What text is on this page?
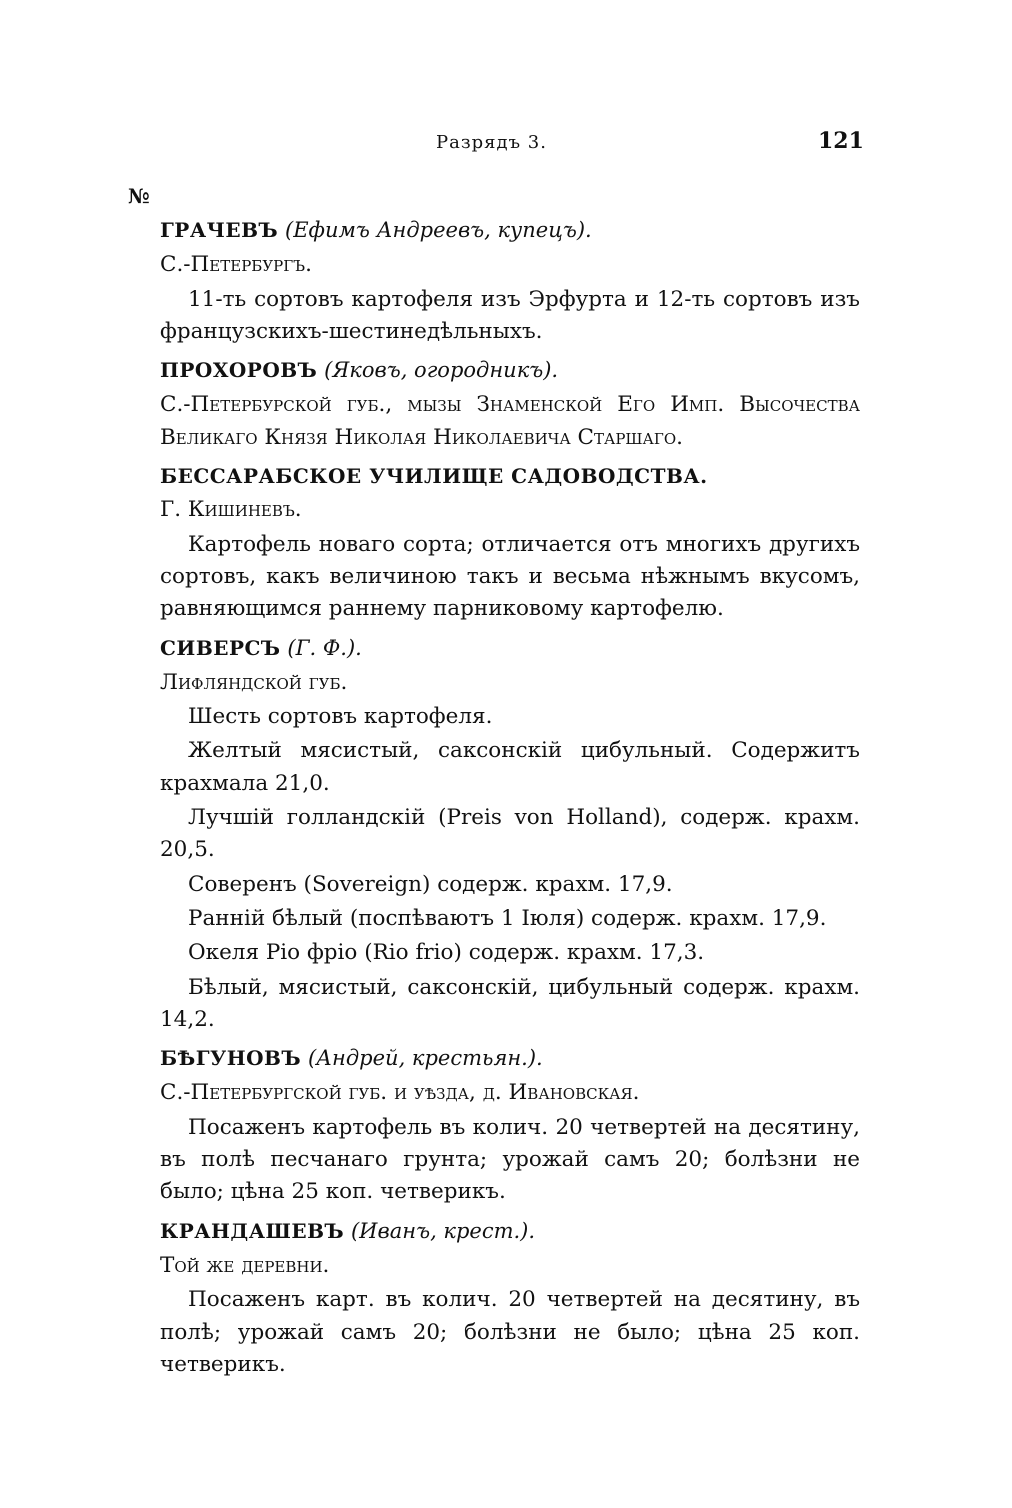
Разрядъ 3.	121
№

ГРАЧЕВЪ (Ефимъ Андреевъ, купецъ).

С.-Петербургъ.

11-ть сортовъ картофеля изъ Эрфурта и 12-ть сортовъ изъ французскихъ-шестинедѣльныхъ.

ПРОХОРОВЪ (Яковъ, огородникъ).

С.-Петербурской губ., мызы Знаменской Его Имп. Высочества Великаго Князя Николая Николаевича Старшаго.

БЕССАРАБСКОЕ УЧИЛИЩЕ САДОВОДСТВА.

Г. Кишиневъ.

Картофель новаго сорта; отличается отъ многихъ другихъ сортовъ, какъ величиною такъ и весьма нѣжнымъ вкусомъ, равняющимся раннему парниковому картофелю.

СИВЕРСЪ (Г. Ф.).

Лифляндской губ.

Шесть сортовъ картофеля.

Желтый мясистый, саксонскій цибульный. Содержитъ крахмала 21,0.

Лучшій голландскій (Preis von Holland), содерж. крахм. 20,5.

Соверенъ (Sovereign) содерж. крахм. 17,9.

Ранній бѣлый (поспѣваютъ 1 Іюля) содерж. крахм. 17,9.

Океля Ріо фріо (Rio frio) содерж. крахм. 17,3.

Бѣлый, мясистый, саксонскій, цибульный содерж. крахм. 14,2.

БѢГУНОВЪ (Андрей, крестьян.).

С.-Петербургской губ. и уѣзда, д. Ивановская.

Посаженъ картофель въ колич. 20 четвертей на десятину, въ полѣ песчанаго грунта; урожай самъ 20; болѣзни не было; цѣна 25 коп. четверикъ.

КРАНДАШЕВЪ (Иванъ, крест.).

Той же деревни.

Посаженъ карт. въ колич. 20 четвертей на десятину, въ полѣ; урожай самъ 20; болѣзни не было; цѣна 25 коп. четверикъ.
